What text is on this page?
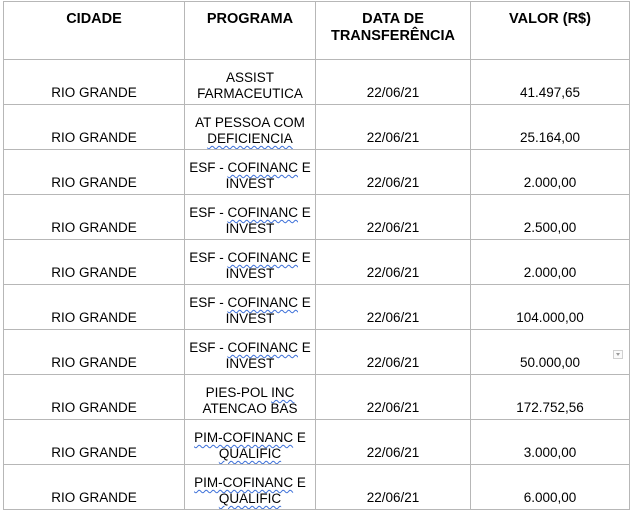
CIDADE	PROGRAMA	DATA DE
TRANSFERÊNCIA	VALOR (R$)

RIO GRANDE	ASSIST
FARMACEUTICA	22/06/21	41.497,65
RIO GRANDE	AT PESSOA COM
DEFICIENCIA	22/06/21	25.164,00
RIO GRANDE	ESF - COFINANC E
INVEST	22/06/21	2.000,00
RIO GRANDE	ESF - COFINANC E
INVEST	22/06/21	2.500,00
RIO GRANDE	ESF - COFINANC E
INVEST	22/06/21	2.000,00
RIO GRANDE	ESF - COFINANC E
INVEST	22/06/21	104.000,00
RIO GRANDE	ESF - COFINANC E
INVEST	22/06/21	50.000,00
RIO GRANDE	PIES-POL INC
ATENCAO BAS	22/06/21	172.752,56
RIO GRANDE	PIM-COFINANC E
QUALIFIC	22/06/21	3.000,00
RIO GRANDE	PIM-COFINANC E
QUALIFIC	22/06/21	6.000,00
